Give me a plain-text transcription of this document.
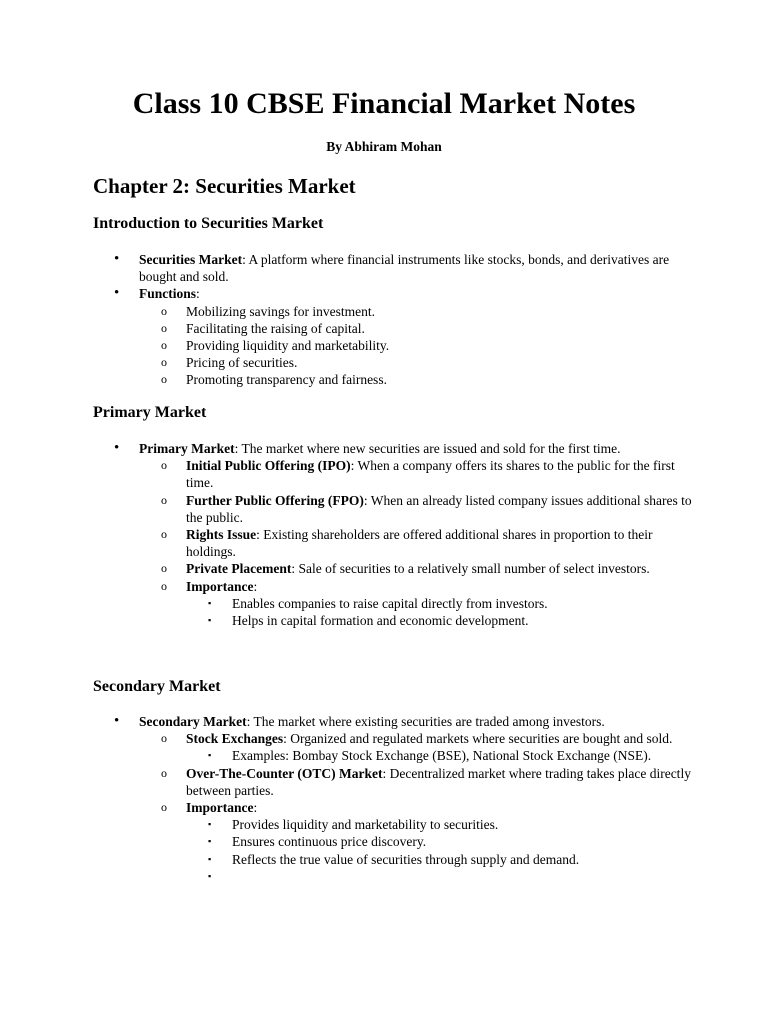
Class 10 CBSE Financial Market Notes

By Abhiram Mohan

Chapter 2: Securities Market
Introduction to Securities Market
• Securities Market: A platform where financial instruments like stocks, bonds, and derivatives are bought and sold.
• Functions:
o Mobilizing savings for investment.
o Facilitating the raising of capital.
o Providing liquidity and marketability.
o Pricing of securities.
o Promoting transparency and fairness.
Primary Market
• Primary Market: The market where new securities are issued and sold for the first time.
o Initial Public Offering (IPO): When a company offers its shares to the public for the first time.
o Further Public Offering (FPO): When an already listed company issues additional shares to the public.
o Rights Issue: Existing shareholders are offered additional shares in proportion to their holdings.
o Private Placement: Sale of securities to a relatively small number of select investors.
o Importance:
▪ Enables companies to raise capital directly from investors.
▪ Helps in capital formation and economic development.
Secondary Market
• Secondary Market: The market where existing securities are traded among investors.
o Stock Exchanges: Organized and regulated markets where securities are bought and sold.
▪ Examples: Bombay Stock Exchange (BSE), National Stock Exchange (NSE).
o Over-The-Counter (OTC) Market: Decentralized market where trading takes place directly between parties.
o Importance:
▪ Provides liquidity and marketability to securities.
▪ Ensures continuous price discovery.
▪ Reflects the true value of securities through supply and demand.
▪
